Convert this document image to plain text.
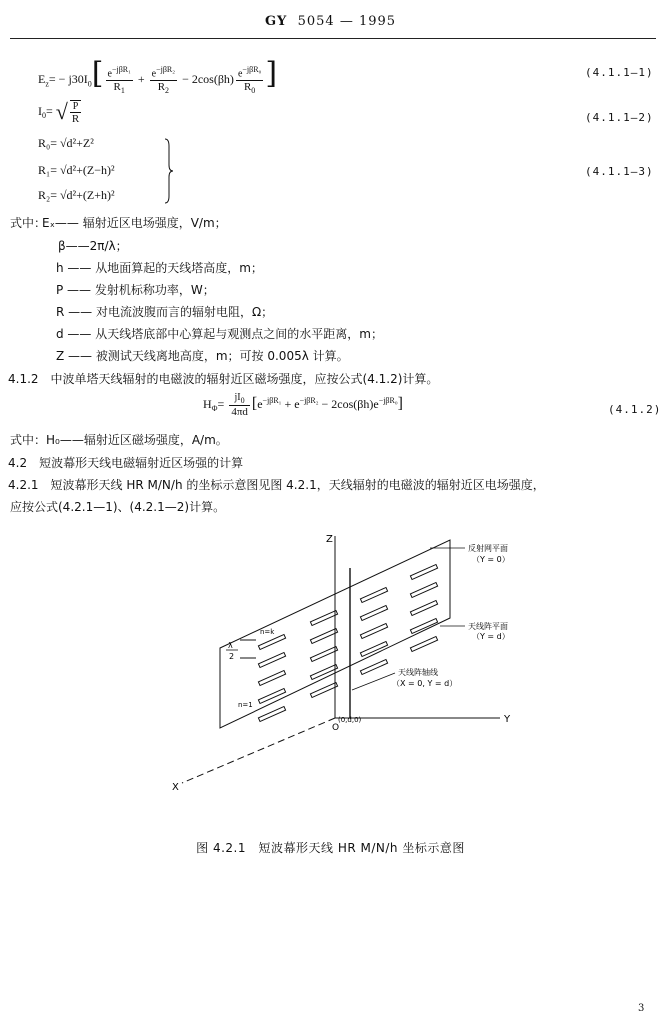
GY 5054 — 1995
$E_z= - j30I_0[ \frac{e^{-j\beta R_1}}{R_1} + \frac{e^{-j\beta R_2}}{R_2} - 2\cos(\beta h) \frac{e^{-j\beta R_0}}{R_0}$ ]	(4.1.1—1)
$I_0=$ √ $\frac{P}{R}$	(4.1.1—2)
R₀= √d²+Z²
R₁= √d²+(Z−h)²
R₂= √d²+(Z+h)²
(4.1.1—3)
式中：
Eₓ—— 辐射近区电场强度，V/m；
β——2π/λ；
h —— 从地面算起的天线塔高度，m；
P —— 发射机标称功率，W；
R —— 对电流波腹而言的辐射电阻，Ω；
d —— 从天线塔底部中心算起与观测点之间的水平距离，m；
Z —— 被测试天线离地高度，m；可按 0.005λ 计算。
4.1.2　中波单塔天线辐射的电磁波的辐射近区磁场强度，应按公式(4.1.2)计算。
$H_\Phi= \frac{jI_0}{4\pi d} [e^{-j\beta R_1} + e^{-j\beta R_2} - 2\cos(\beta h)e^{-j\beta R_0}]$	(4.1.2)
式中：H₀——辐射近区磁场强度，A/m。
4.2　短波幕形天线电磁辐射近区场强的计算
4.2.1　短波幕形天线 HR M/N/h 的坐标示意图见图 4.2.1，天线辐射的电磁波的辐射近区电场强度，
应按公式(4.2.1—1)、(4.2.1—2)计算。
Z
Y
X
O
(0,d,0)
λ
2
n=k
n=1
反射网平面
（Y = 0）
天线阵平面
（Y = d）
天线阵轴线
（X = 0, Y = d）
图 4.2.1　短波幕形天线 HR M/N/h 坐标示意图
3
